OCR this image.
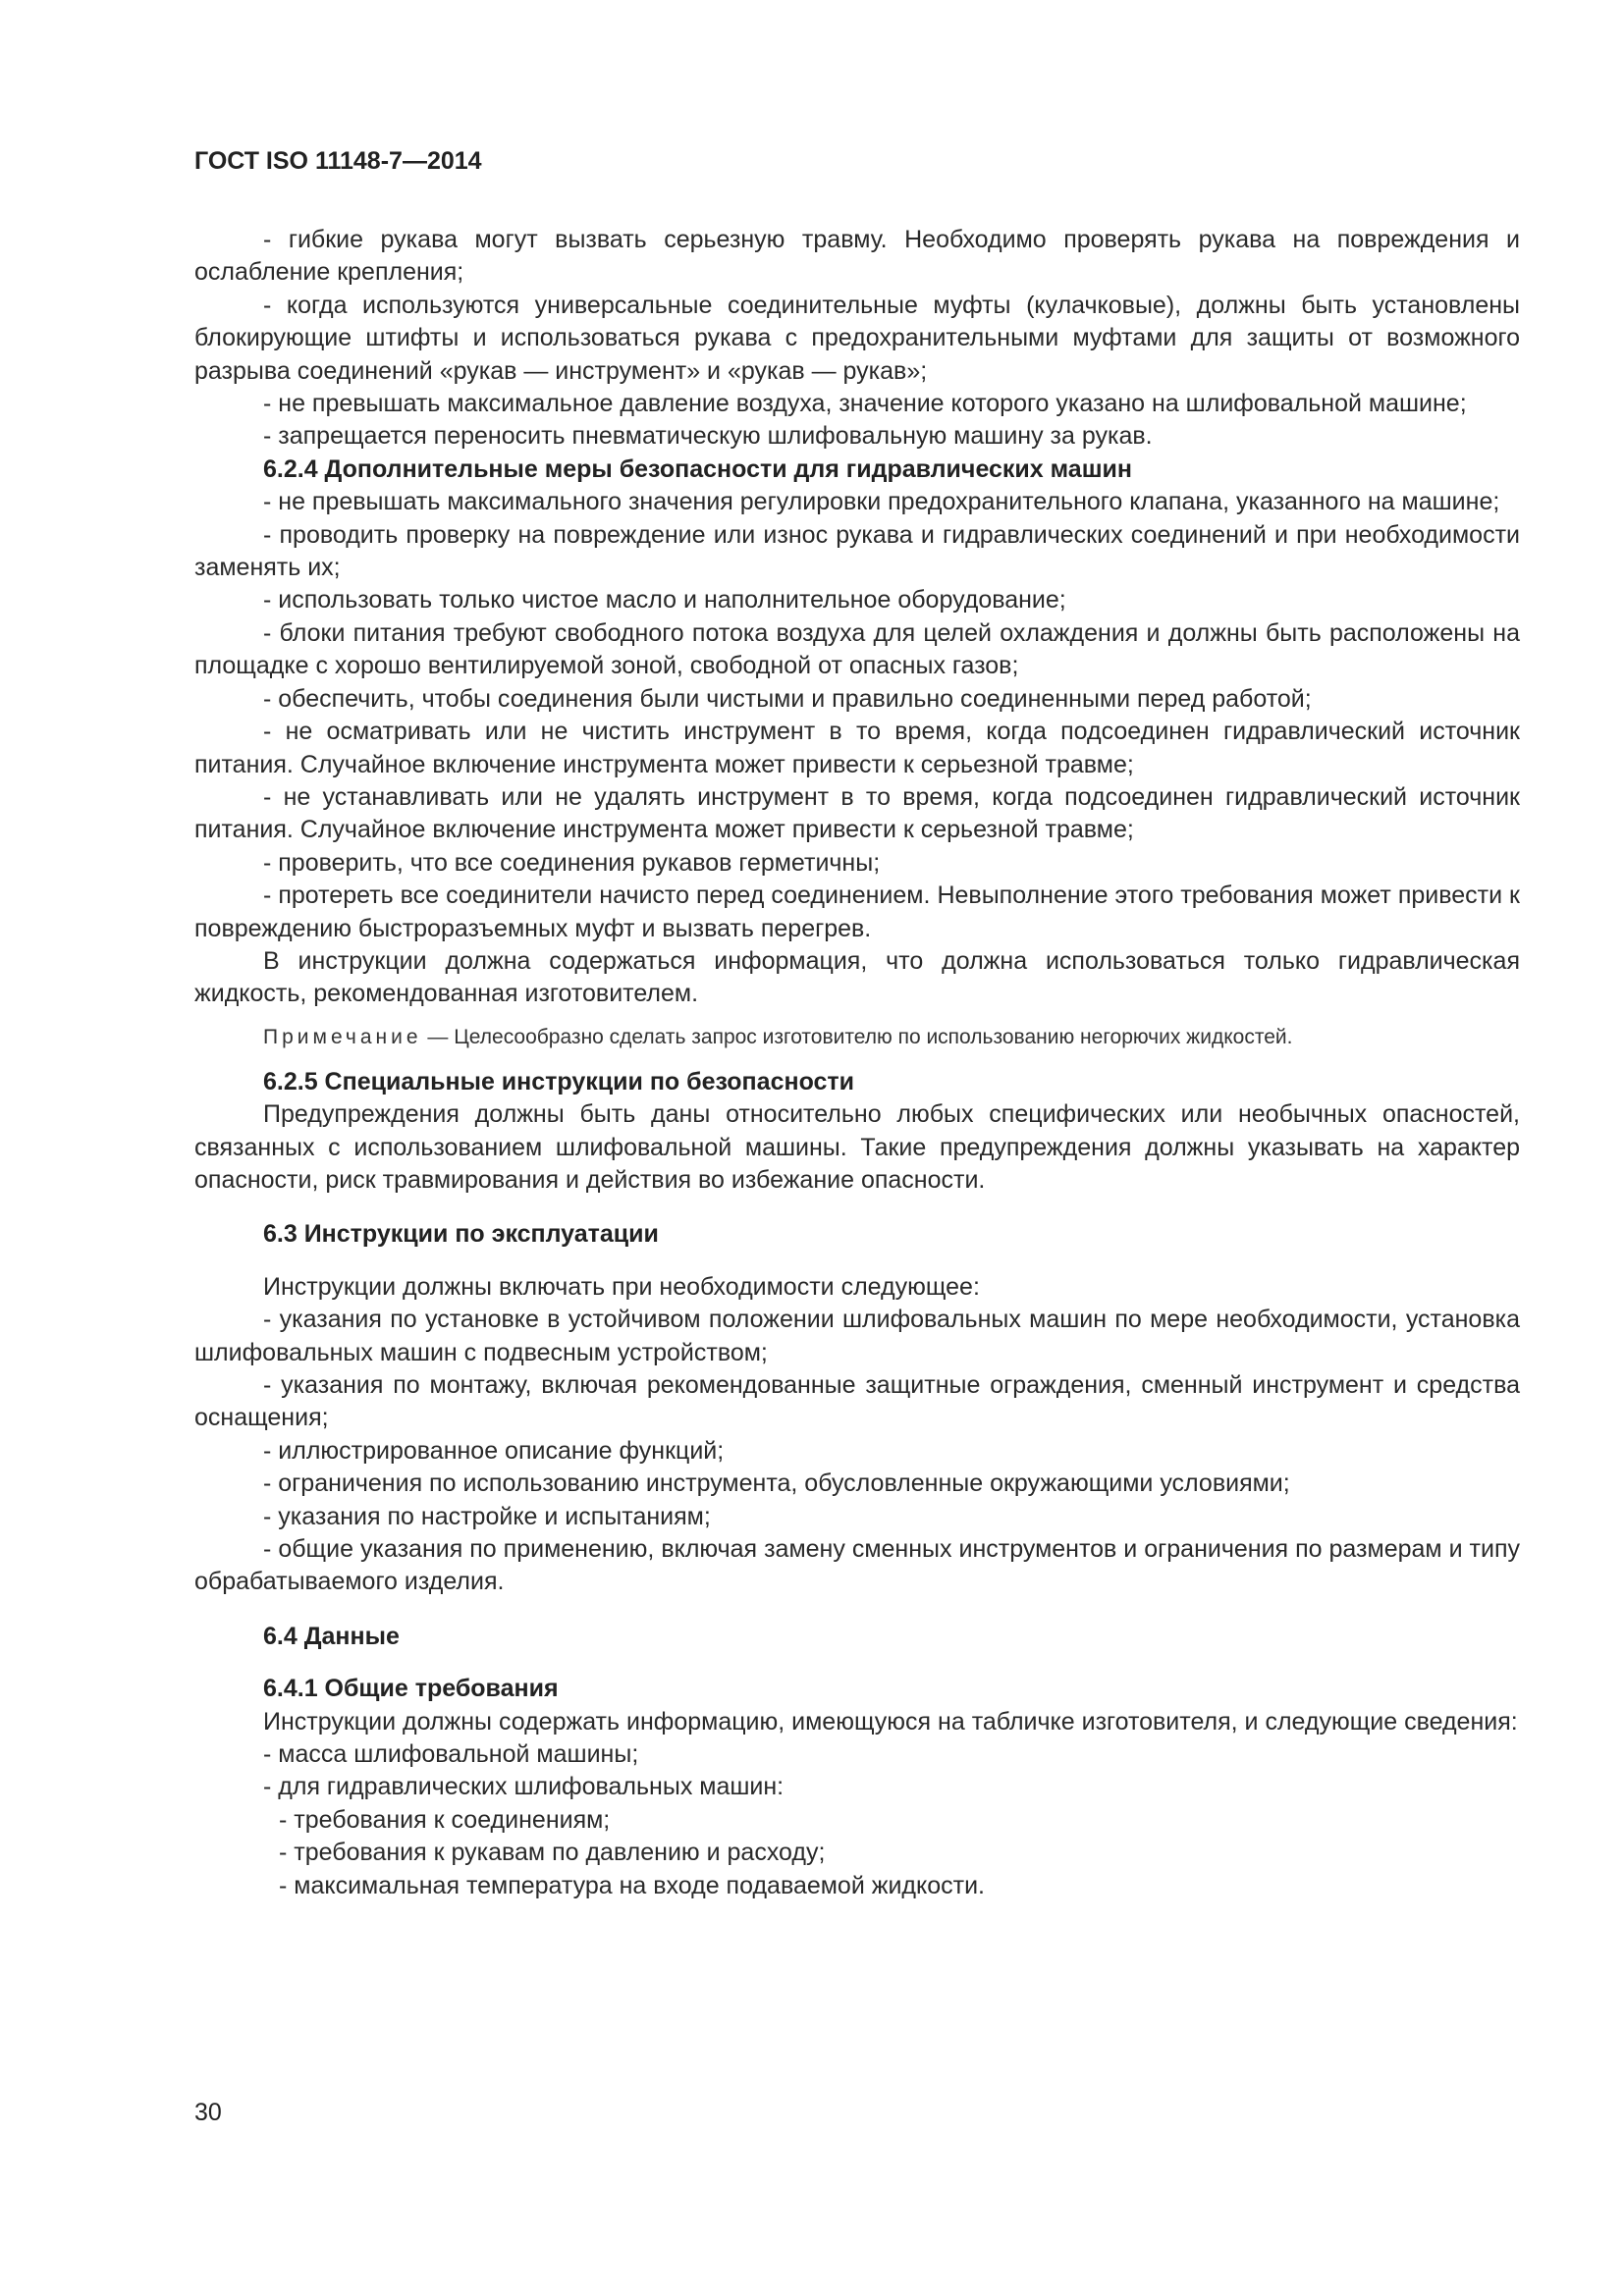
ГОСТ ISO 11148-7—2014

- гибкие рукава могут вызвать серьезную травму. Необходимо проверять рукава на повреждения и ослабление крепления;

- когда используются универсальные соединительные муфты (кулачковые), должны быть установлены блокирующие штифты и использоваться рукава с предохранительными муфтами для защиты от возможного разрыва соединений «рукав — инструмент» и «рукав — рукав»;

- не превышать максимальное давление воздуха, значение которого указано на шлифовальной машине;

- запрещается переносить пневматическую шлифовальную машину за рукав.

6.2.4 Дополнительные меры безопасности для гидравлических машин

- не превышать максимального значения регулировки предохранительного клапана, указанного на машине;

- проводить проверку на повреждение или износ рукава и гидравлических соединений и при необходимости заменять их;

- использовать только чистое масло и наполнительное оборудование;

- блоки питания требуют свободного потока воздуха для целей охлаждения и должны быть расположены на площадке с хорошо вентилируемой зоной, свободной от опасных газов;

- обеспечить, чтобы соединения были чистыми и правильно соединенными перед работой;

- не осматривать или не чистить инструмент в то время, когда подсоединен гидравлический источник питания. Случайное включение инструмента может привести к серьезной травме;

- не устанавливать или не удалять инструмент в то время, когда подсоединен гидравлический источник питания. Случайное включение инструмента может привести к серьезной травме;

- проверить, что все соединения рукавов герметичны;

- протереть все соединители начисто перед соединением. Невыполнение этого требования может привести к повреждению быстроразъемных муфт и вызвать перегрев.

В инструкции должна содержаться информация, что должна использоваться только гидравлическая жидкость, рекомендованная изготовителем.

Примечание — Целесообразно сделать запрос изготовителю по использованию негорючих жидкостей.
6.2.5 Специальные инструкции по безопасности

Предупреждения должны быть даны относительно любых специфических или необычных опасностей, связанных с использованием шлифовальной машины. Такие предупреждения должны указывать на характер опасности, риск травмирования и действия во избежание опасности.

6.3 Инструкции по эксплуатации

Инструкции должны включать при необходимости следующее:

- указания по установке в устойчивом положении шлифовальных машин по мере необходимости, установка шлифовальных машин с подвесным устройством;

- указания по монтажу, включая рекомендованные защитные ограждения, сменный инструмент и средства оснащения;

- иллюстрированное описание функций;

- ограничения по использованию инструмента, обусловленные окружающими условиями;

- указания по настройке и испытаниям;

- общие указания по применению, включая замену сменных инструментов и ограничения по размерам и типу обрабатываемого изделия.

6.4 Данные
6.4.1 Общие требования

Инструкции должны содержать информацию, имеющуюся на табличке изготовителя, и следующие сведения:

- масса шлифовальной машины;

- для гидравлических шлифовальных машин:

- требования к соединениям;

- требования к рукавам по давлению и расходу;

- максимальная температура на входе подаваемой жидкости.

30
